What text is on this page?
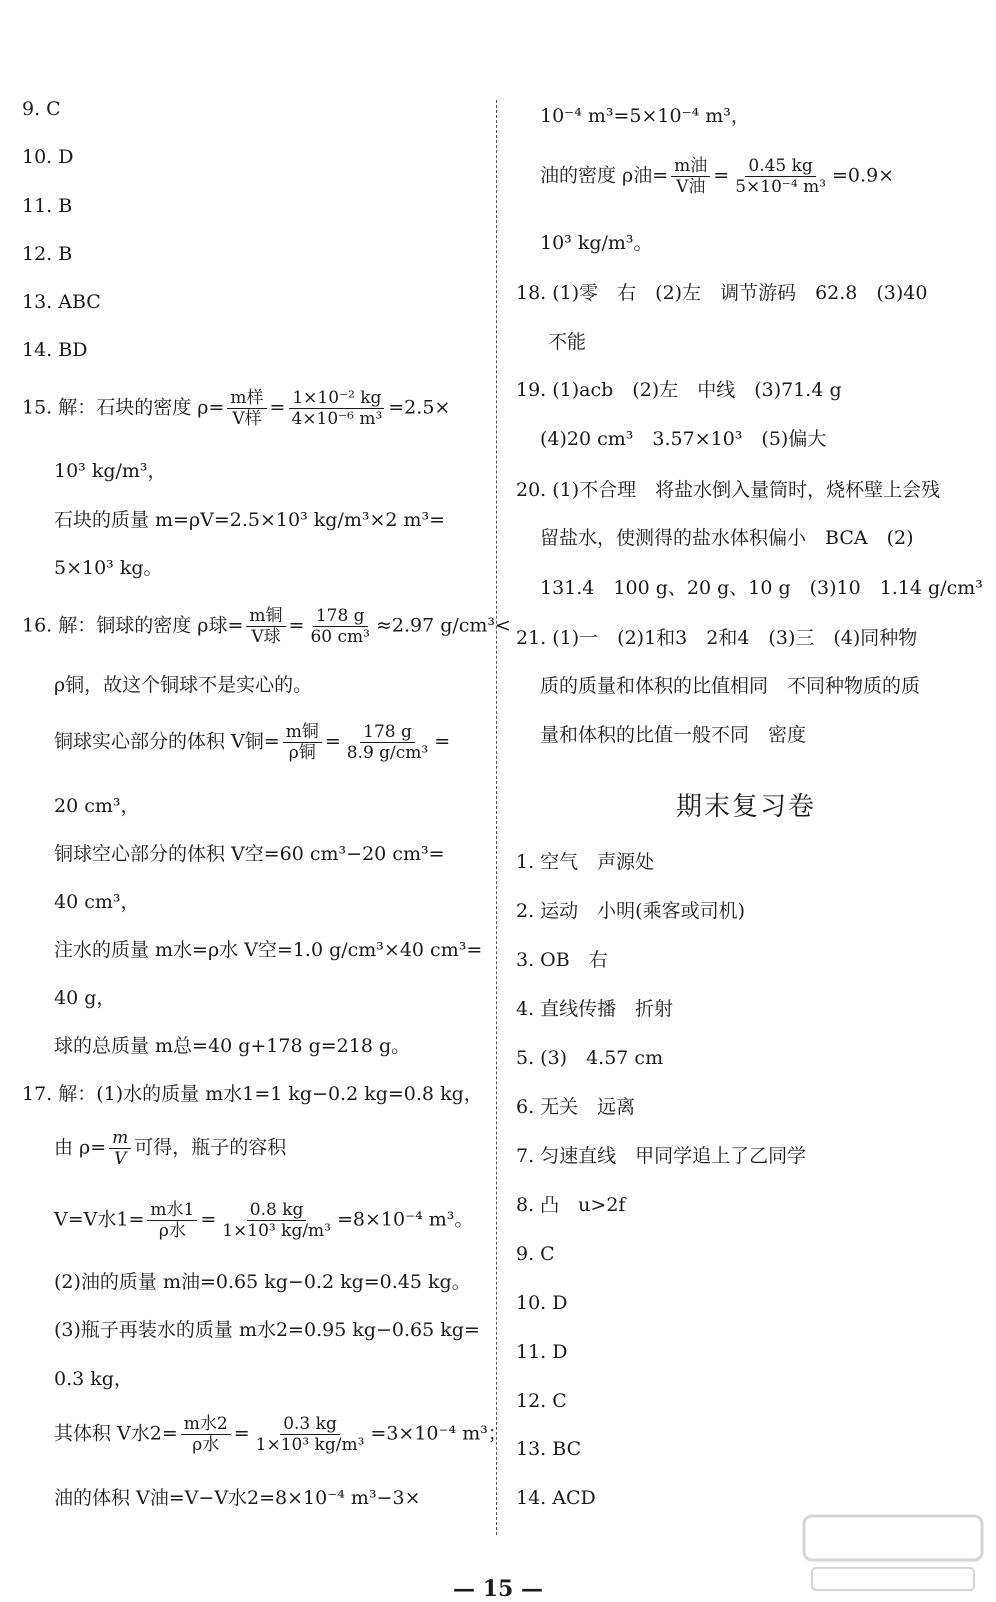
9. C
10. D
11. B
12. B
13. ABC
14. BD
15. 解：石块的密度 $\rho= \frac{\text{m样}}{\text{V样}} = \frac{\text{1×10⁻² kg}}{\text{4×10⁻⁶ m³}} =2.5\times$
10³ kg/m³，
石块的质量 m=ρV=2.5×10³ kg/m³×2 m³=
5×10³ kg。
16. 解：铜球的密度 ρ球= $\frac{\text{m铜}}{\text{V球}} = \frac{178 g}{\text{60 cm³}} \approx 2.97$ g/cm³<
ρ铜，故这个铜球不是实心的。
铜球实心部分的体积 V铜= $\frac{\text{m铜}}{\text{ρ铜}} = \frac{178 g}{\text{8.9 g/cm³}}$ =
20 cm³，
铜球空心部分的体积 V空=60 cm³−20 cm³=
40 cm³，
注水的质量 m水=ρ水 V空=1.0 g/cm³×40 cm³=
40 g，
球的总质量 m总=40 g+178 g=218 g。
17. 解：(1)水的质量 m水1=1 kg−0.2 kg=0.8 kg，
由 $\rho= \frac{m}{V}$ 可得，瓶子的容积
V=V水$1= \frac{\text{m水1}}{\text{ρ水}} = \frac{0.8 kg}{\text{1×10³ kg/m³}} =8\times 10^{-4}$ m³。
(2)油的质量 m油=0.65 kg−0.2 kg=0.45 kg。
(3)瓶子再装水的质量 m水2=0.95 kg−0.65 kg=
0.3 kg，
其体积 V水$2= \frac{\text{m水2}}{\text{ρ水}} = \frac{0.3 kg}{\text{1×10³ kg/m³}} =3\times 10^{-4}$ m³；
油的体积 V油=V−V水2=8×10⁻⁴ m³−3×
10⁻⁴ m³=5×10⁻⁴ m³，
油的密度 ρ油= $\frac{\text{m油}}{\text{V油}} = \frac{0.45 kg}{\text{5×10⁻⁴ m³}} =0.9\times$
10³ kg/m³。
18. (1)零　右　(2)左　调节游码　62.8　(3)40
不能
19. (1)acb　(2)左　中线　(3)71.4 g
(4)20 cm³　3.57×10³　(5)偏大
20. (1)不合理　将盐水倒入量筒时，烧杯壁上会残
留盐水，使测得的盐水体积偏小　BCA　(2)
131.4　100 g、20 g、10 g　(3)10　1.14 g/cm³
21. (1)一　(2)1和3　2和4　(3)三　(4)同种物
质的质量和体积的比值相同　不同种物质的质
量和体积的比值一般不同　密度
期末复习卷
1. 空气　声源处
2. 运动　小明(乘客或司机)
3. OB　右
4. 直线传播　折射
5. (3)　4.57 cm
6. 无关　远离
7. 匀速直线　甲同学追上了乙同学
8. 凸　u>2f
9. C
10. D
11. D
12. C
13. BC
14. ACD
— 15 —
